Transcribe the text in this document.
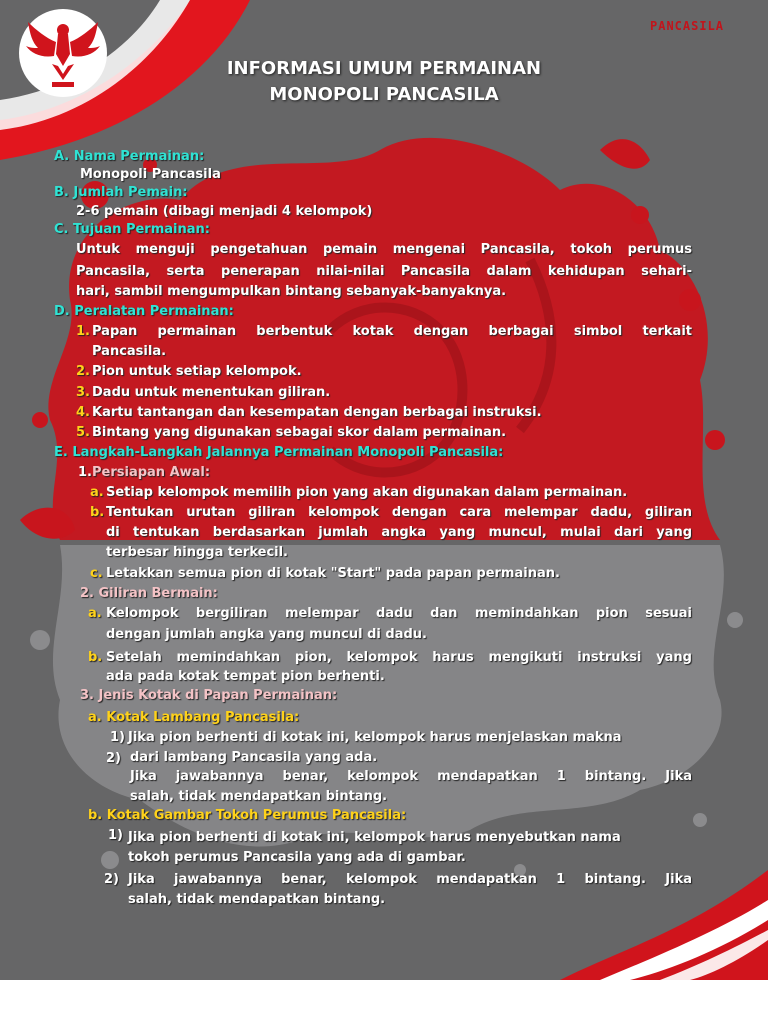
PANCASILA

INFORMASI UMUM PERMAINAN

MONOPOLI PANCASILA

A. Nama Permainan:

Monopoli Pancasila

B. Jumlah Pemain:

2-6 pemain (dibagi menjadi 4 kelompok)

C. Tujuan Permainan:

Untuk menguji pengetahuan pemain mengenai Pancasila, tokoh perumus

Pancasila, serta penerapan nilai-nilai Pancasila dalam kehidupan sehari-

hari, sambil mengumpulkan bintang sebanyak-banyaknya.

D. Peralatan Permainan:

1. Papan permainan berbentuk kotak dengan berbagai simbol terkait

Pancasila.

2. Pion untuk setiap kelompok.

3. Dadu untuk menentukan giliran.

4. Kartu tantangan dan kesempatan dengan berbagai instruksi.

5. Bintang yang digunakan sebagai skor dalam permainan.

E. Langkah-Langkah Jalannya Permainan Monopoli Pancasila:

1. Persiapan Awal:

a. Setiap kelompok memilih pion yang akan digunakan dalam permainan.

b. Tentukan urutan giliran kelompok dengan cara melempar dadu, giliran

di tentukan berdasarkan jumlah angka yang muncul, mulai dari yang

terbesar hingga terkecil.

c. Letakkan semua pion di kotak "Start" pada papan permainan.

2. Giliran Bermain:

a. Kelompok bergiliran melempar dadu dan memindahkan pion sesuai

dengan jumlah angka yang muncul di dadu.

b. Setelah memindahkan pion, kelompok harus mengikuti instruksi yang

ada pada kotak tempat pion berhenti.

3. Jenis Kotak di Papan Permainan:

a. Kotak Lambang Pancasila:

1) Jika pion berhenti di kotak ini, kelompok harus menjelaskan makna

2) dari lambang Pancasila yang ada.

Jika jawabannya benar, kelompok mendapatkan 1 bintang. Jika

salah, tidak mendapatkan bintang.

b. Kotak Gambar Tokoh Perumus Pancasila:

1) Jika pion berhenti di kotak ini, kelompok harus menyebutkan nama

tokoh perumus Pancasila yang ada di gambar.

2) Jika jawabannya benar, kelompok mendapatkan 1 bintang. Jika

salah, tidak mendapatkan bintang.
